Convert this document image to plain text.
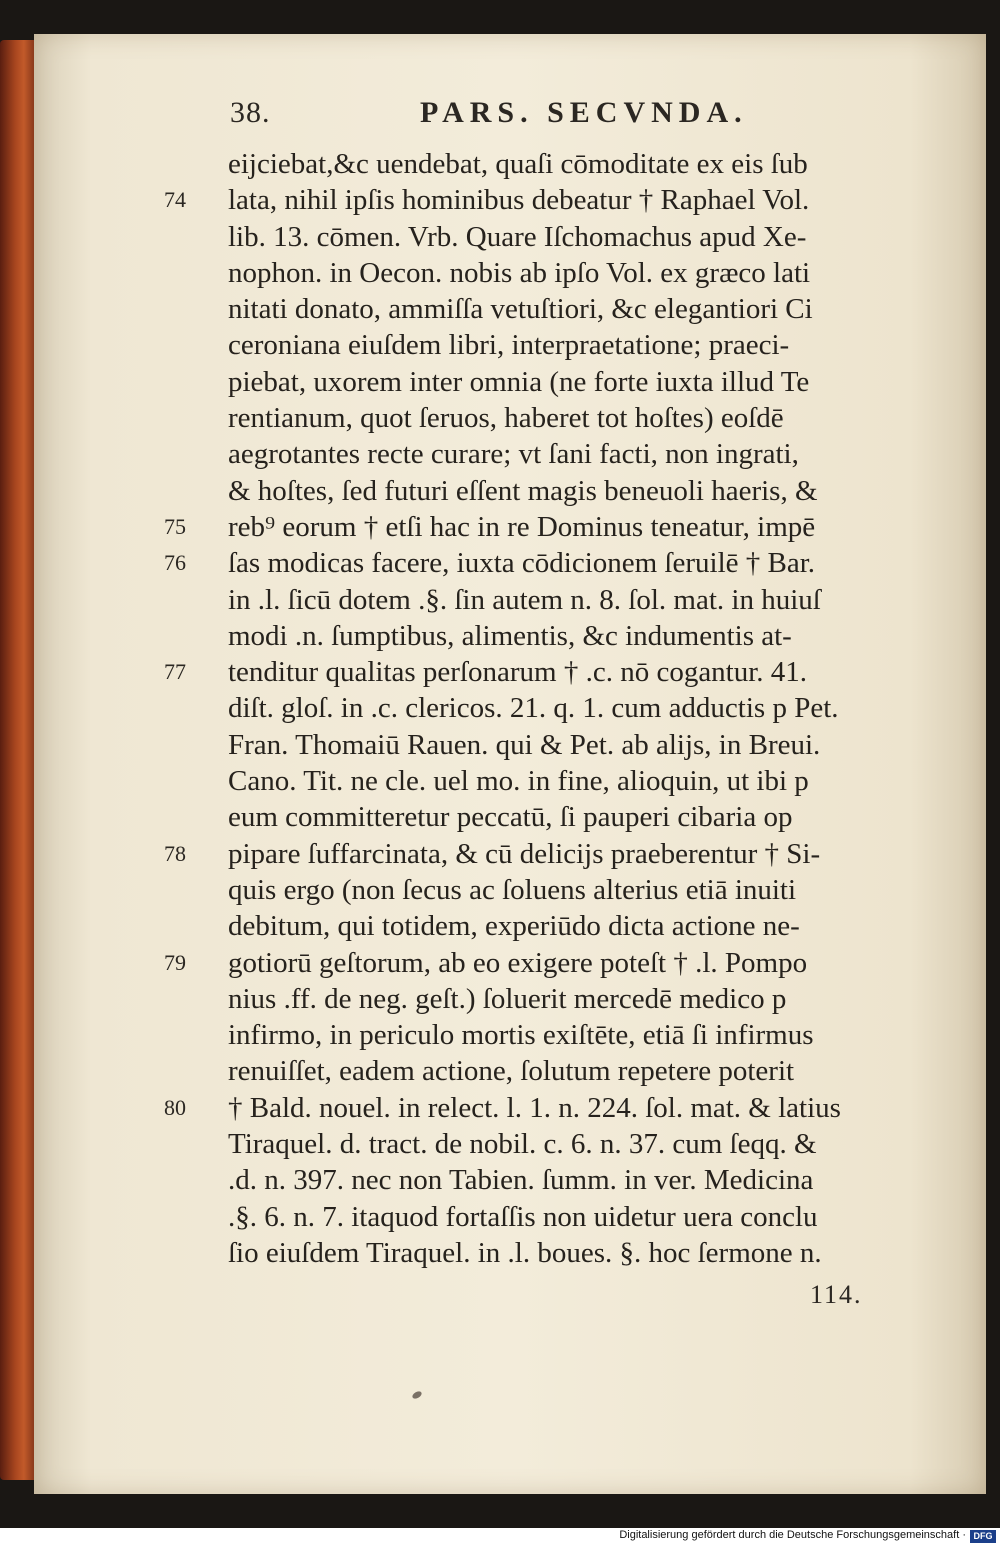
38.	PARS. SECVNDA.
eijciebat,&c uendebat, quaſi cōmoditate ex eis ſub
74 lata, nihil ipſis hominibus debeatur † Raphael Vol.
lib. 13. cōmen. Vrb. Quare Iſchomachus apud Xe-
nophon. in Oecon. nobis ab ipſo Vol. ex græco lati
nitati donato, ammiſſa vetuſtiori, &c elegantiori Ci
ceroniana eiuſdem libri, interpraetatione; praeci-
piebat, uxorem inter omnia (ne forte iuxta illud Te
rentianum, quot ſeruos, haberet tot hoſtes) eoſdē
aegrotantes recte curare; vt ſani facti, non ingrati,
& hoſtes, ſed futuri eſſent magis beneuoli haeris, &
75 reb⁹ eorum † etſi hac in re Dominus teneatur, impē
76 ſas modicas facere, iuxta cōdicionem ſeruilē † Bar.
in .l. ſicū dotem .§. ſin autem n. 8. ſol. mat. in huiuſ
modi .n. ſumptibus, alimentis, &c indumentis at-
77 tenditur qualitas perſonarum † .c. nō cogantur. 41.
diſt. gloſ. in .c. clericos. 21. q. 1. cum adductis p Pet.
Fran. Thomaiū Rauen. qui & Pet. ab alijs, in Breui.
Cano. Tit. ne cle. uel mo. in fine, alioquin, ut ibi p
eum committeretur peccatū, ſi pauperi cibaria op
78 pipare ſuffarcinata, & cū delicijs praeberentur † Si-
quis ergo (non ſecus ac ſoluens alterius etiā inuiti
debitum, qui totidem, experiūdo dicta actione ne-
79 gotiorū geſtorum, ab eo exigere poteſt † .l. Pompo
nius .ff. de neg. geſt.) ſoluerit mercedē medico p
infirmo, in periculo mortis exiſtēte, etiā ſi infirmus
renuiſſet, eadem actione, ſolutum repetere poterit
80 † Bald. nouel. in relect. l. 1. n. 224. ſol. mat. & latius
Tiraquel. d. tract. de nobil. c. 6. n. 37. cum ſeqq. &
.d. n. 397. nec non Tabien. ſumm. in ver. Medicina
.§. 6. n. 7. itaquod fortaſſis non uidetur uera conclu
ſio eiuſdem Tiraquel. in .l. boues. §. hoc ſermone n.
114.
Digitalisierung gefördert durch die Deutsche Forschungsgemeinschaft · DFG
